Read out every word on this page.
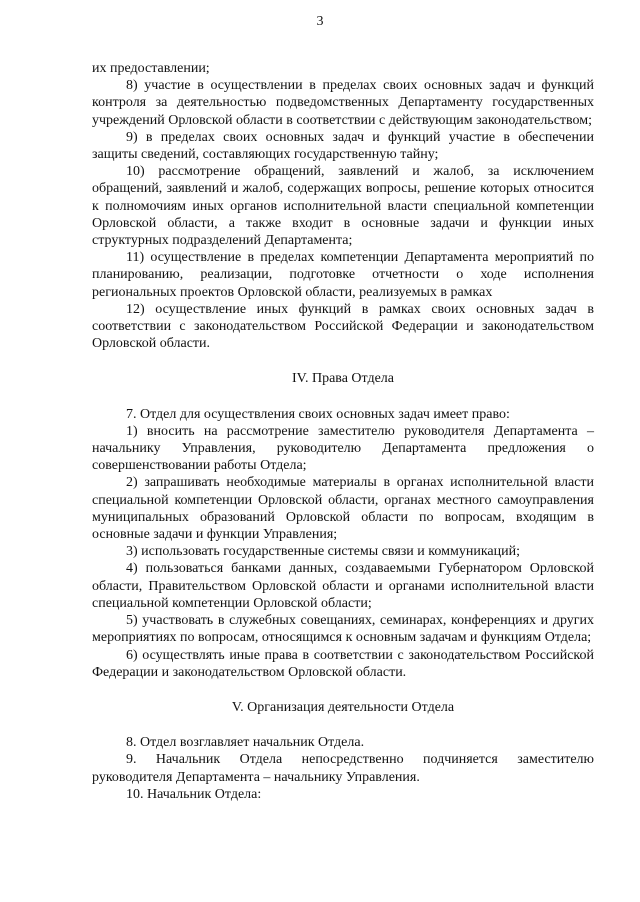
3

их предоставлении;

8) участие в осуществлении в пределах своих основных задач и функций контроля за деятельностью подведомственных Департаменту государственных учреждений Орловской области в соответствии с действующим законодательством;

9) в пределах своих основных задач и функций участие в обеспечении защиты сведений, составляющих государственную тайну;

10) рассмотрение обращений, заявлений и жалоб, за исключением обращений, заявлений и жалоб, содержащих вопросы, решение которых относится к полномочиям иных органов исполнительной власти специальной компетенции Орловской области, а также входит в основные задачи и функции иных структурных подразделений Департамента;

11) осуществление в пределах компетенции Департамента мероприятий по планированию, реализации, подготовке отчетности о ходе исполнения региональных проектов Орловской области, реализуемых в рамках

12) осуществление иных функций в рамках своих основных задач в соответствии с законодательством Российской Федерации и законодательством Орловской области.

IV. Права Отдела

7. Отдел для осуществления своих основных задач имеет право:

1) вносить на рассмотрение заместителю руководителя Департамента – начальнику Управления, руководителю Департамента предложения о совершенствовании работы Отдела;

2) запрашивать необходимые материалы в органах исполнительной власти специальной компетенции Орловской области, органах местного самоуправления муниципальных образований Орловской области по вопросам, входящим в основные задачи и функции Управления;

3) использовать государственные системы связи и коммуникаций;

4) пользоваться банками данных, создаваемыми Губернатором Орловской области, Правительством Орловской области и органами исполнительной власти специальной компетенции Орловской области;

5) участвовать в служебных совещаниях, семинарах, конференциях и других мероприятиях по вопросам, относящимся к основным задачам и функциям Отдела;

6) осуществлять иные права в соответствии с законодательством Российской Федерации и законодательством Орловской области.

V. Организация деятельности Отдела

8. Отдел возглавляет начальник Отдела.

9. Начальник Отдела непосредственно подчиняется заместителю руководителя Департамента – начальнику Управления.

10. Начальник Отдела:
